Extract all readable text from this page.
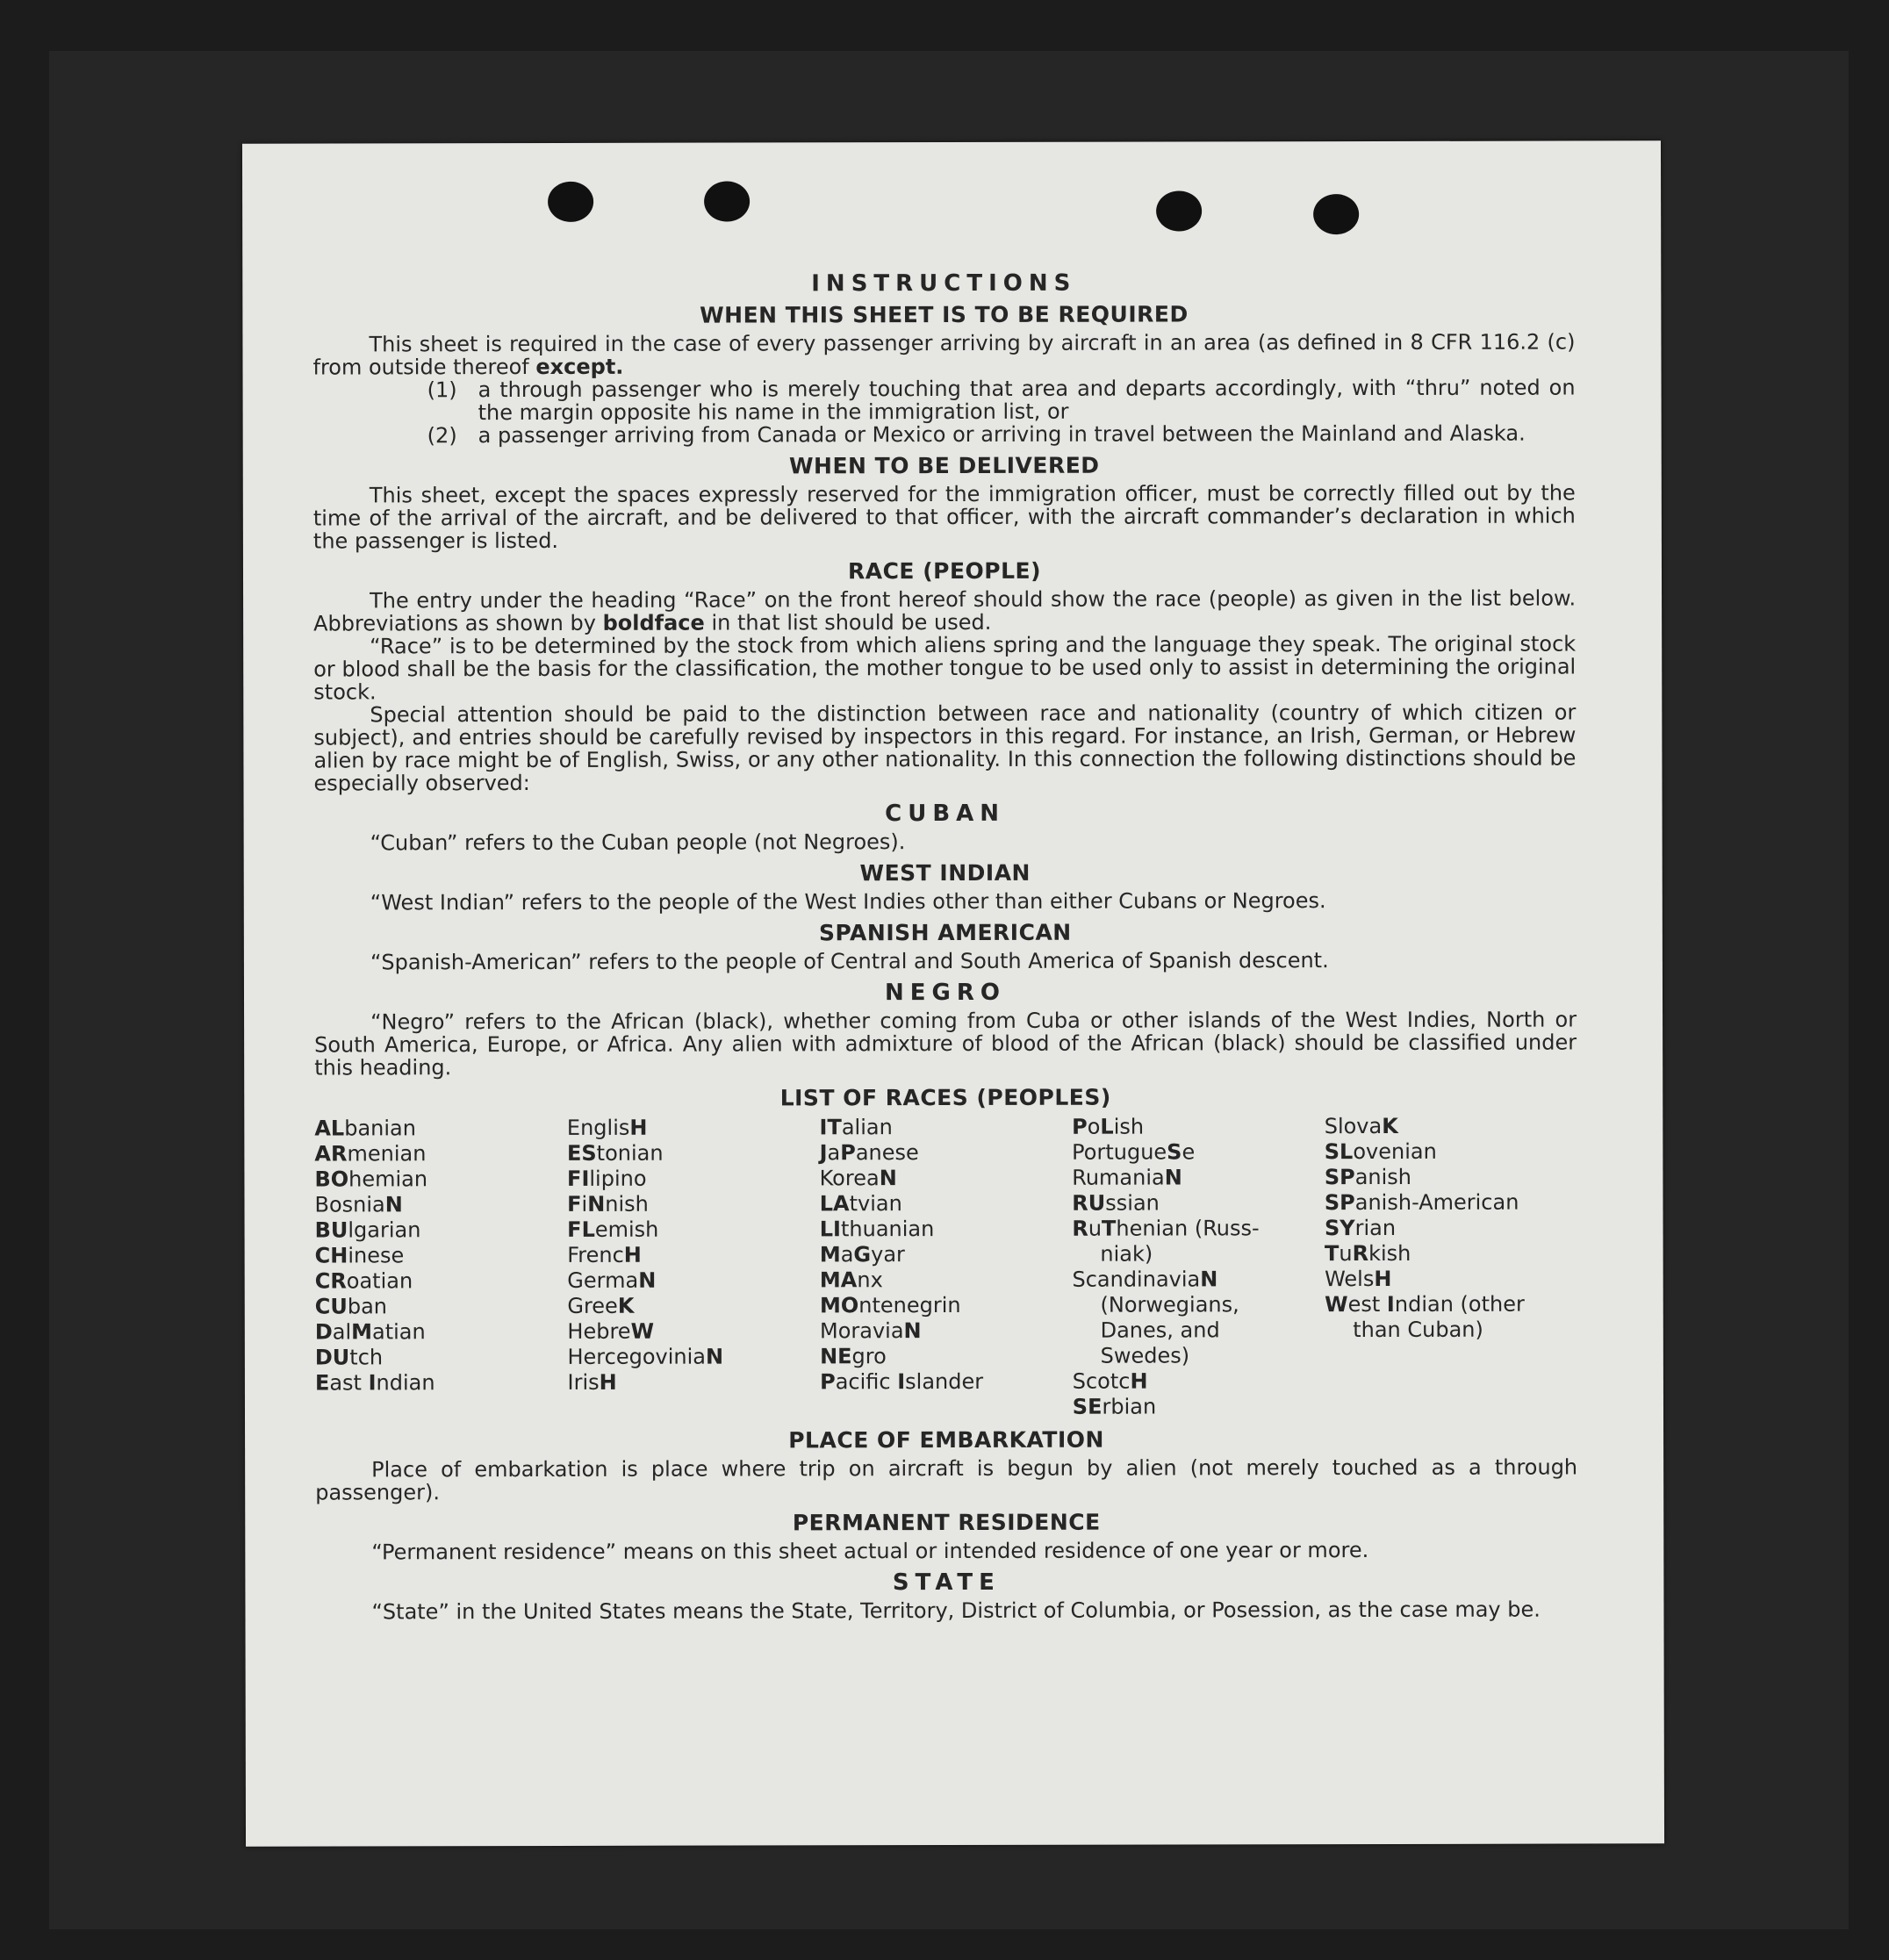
INSTRUCTIONS
WHEN THIS SHEET IS TO BE REQUIRED

This sheet is required in the case of every passenger arriving by aircraft in an area (as defined in 8 CFR 116.2 (c) from outside thereof except.

(1) a through passenger who is merely touching that area and departs accordingly, with “thru” noted on the margin opposite his name in the immigration list, or
(2) a passenger arriving from Canada or Mexico or arriving in travel between the Mainland and Alaska.
WHEN TO BE DELIVERED

This sheet, except the spaces expressly reserved for the immigration officer, must be correctly filled out by the time of the arrival of the aircraft, and be delivered to that officer, with the aircraft commander’s declaration in which the passenger is listed.

RACE (PEOPLE)

The entry under the heading “Race” on the front hereof should show the race (people) as given in the list below. Abbreviations as shown by boldface in that list should be used.

“Race” is to be determined by the stock from which aliens spring and the language they speak. The original stock or blood shall be the basis for the classification, the mother tongue to be used only to assist in determining the original stock.

Special attention should be paid to the distinction between race and nationality (country of which citizen or subject), and entries should be carefully revised by inspectors in this regard. For instance, an Irish, German, or Hebrew alien by race might be of English, Swiss, or any other nationality. In this connection the following distinctions should be especially observed:

CUBAN

“Cuban” refers to the Cuban people (not Negroes).

WEST INDIAN

“West Indian” refers to the people of the West Indies other than either Cubans or Negroes.

SPANISH AMERICAN

“Spanish-American” refers to the people of Central and South America of Spanish descent.

NEGRO

“Negro” refers to the African (black), whether coming from Cuba or other islands of the West Indies, North or South America, Europe, or Africa. Any alien with admixture of blood of the African (black) should be classified under this heading.

LIST OF RACES (PEOPLES)
ALbanian
ARmenian
BOhemian
BosniaN
BUlgarian
CHinese
CRoatian
CUban
DalMatian
DUtch
East Indian
EnglisH
EStonian
FIlipino
FiNnish
FLemish
FrencH
GermaN
GreeK
HebreW
HercegoviniaN
IrisH
ITalian
JaPanese
KoreaN
LAtvian
LIthuanian
MaGyar
MAnx
MOntenegrin
MoraviaN
NEgro
Pacific Islander
PoLish
PortugueSe
RumaniaN
RUssian
RuThenian (Russ-
niak)
ScandinaviaN
(Norwegians,
Danes, and
Swedes)
ScotcH
SErbian
SlovaK
SLovenian
SPanish
SPanish-American
SYrian
TuRkish
WelsH
West Indian (other
than Cuban)
PLACE OF EMBARKATION

Place of embarkation is place where trip on aircraft is begun by alien (not merely touched as a through passenger).

PERMANENT RESIDENCE

“Permanent residence” means on this sheet actual or intended residence of one year or more.

STATE

“State” in the United States means the State, Territory, District of Columbia, or Posession, as the case may be.
